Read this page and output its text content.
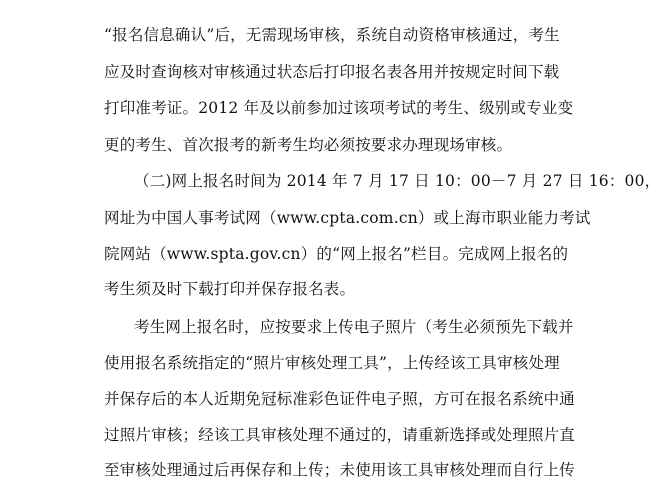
“报名信息确认”后，无需现场审核，系统自动资格审核通过，考生
应及时查询核对审核通过状态后打印报名表各用并按规定时间下载
打印准考证。2012 年及以前参加过该项考试的考生、级别或专业变
更的考生、首次报考的新考生均必须按要求办理现场审核。
（二)网上报名时间为 2014 年 7 月 17 日 10：00－7 月 27 日 16：00，
网址为中国人事考试网（www.cpta.com.cn）或上海市职业能力考试
院网站（www.spta.gov.cn）的“网上报名”栏目。完成网上报名的
考生须及时下载打印并保存报名表。
考生网上报名时，应按要求上传电子照片（考生必须预先下载并
使用报名系统指定的“照片审核处理工具”，上传经该工具审核处理
并保存后的本人近期免冠标准彩色证件电子照，方可在报名系统中通
过照片审核；经该工具审核处理不通过的，请重新选择或处理照片直
至审核处理通过后再保存和上传；未使用该工具审核处理而自行上传
